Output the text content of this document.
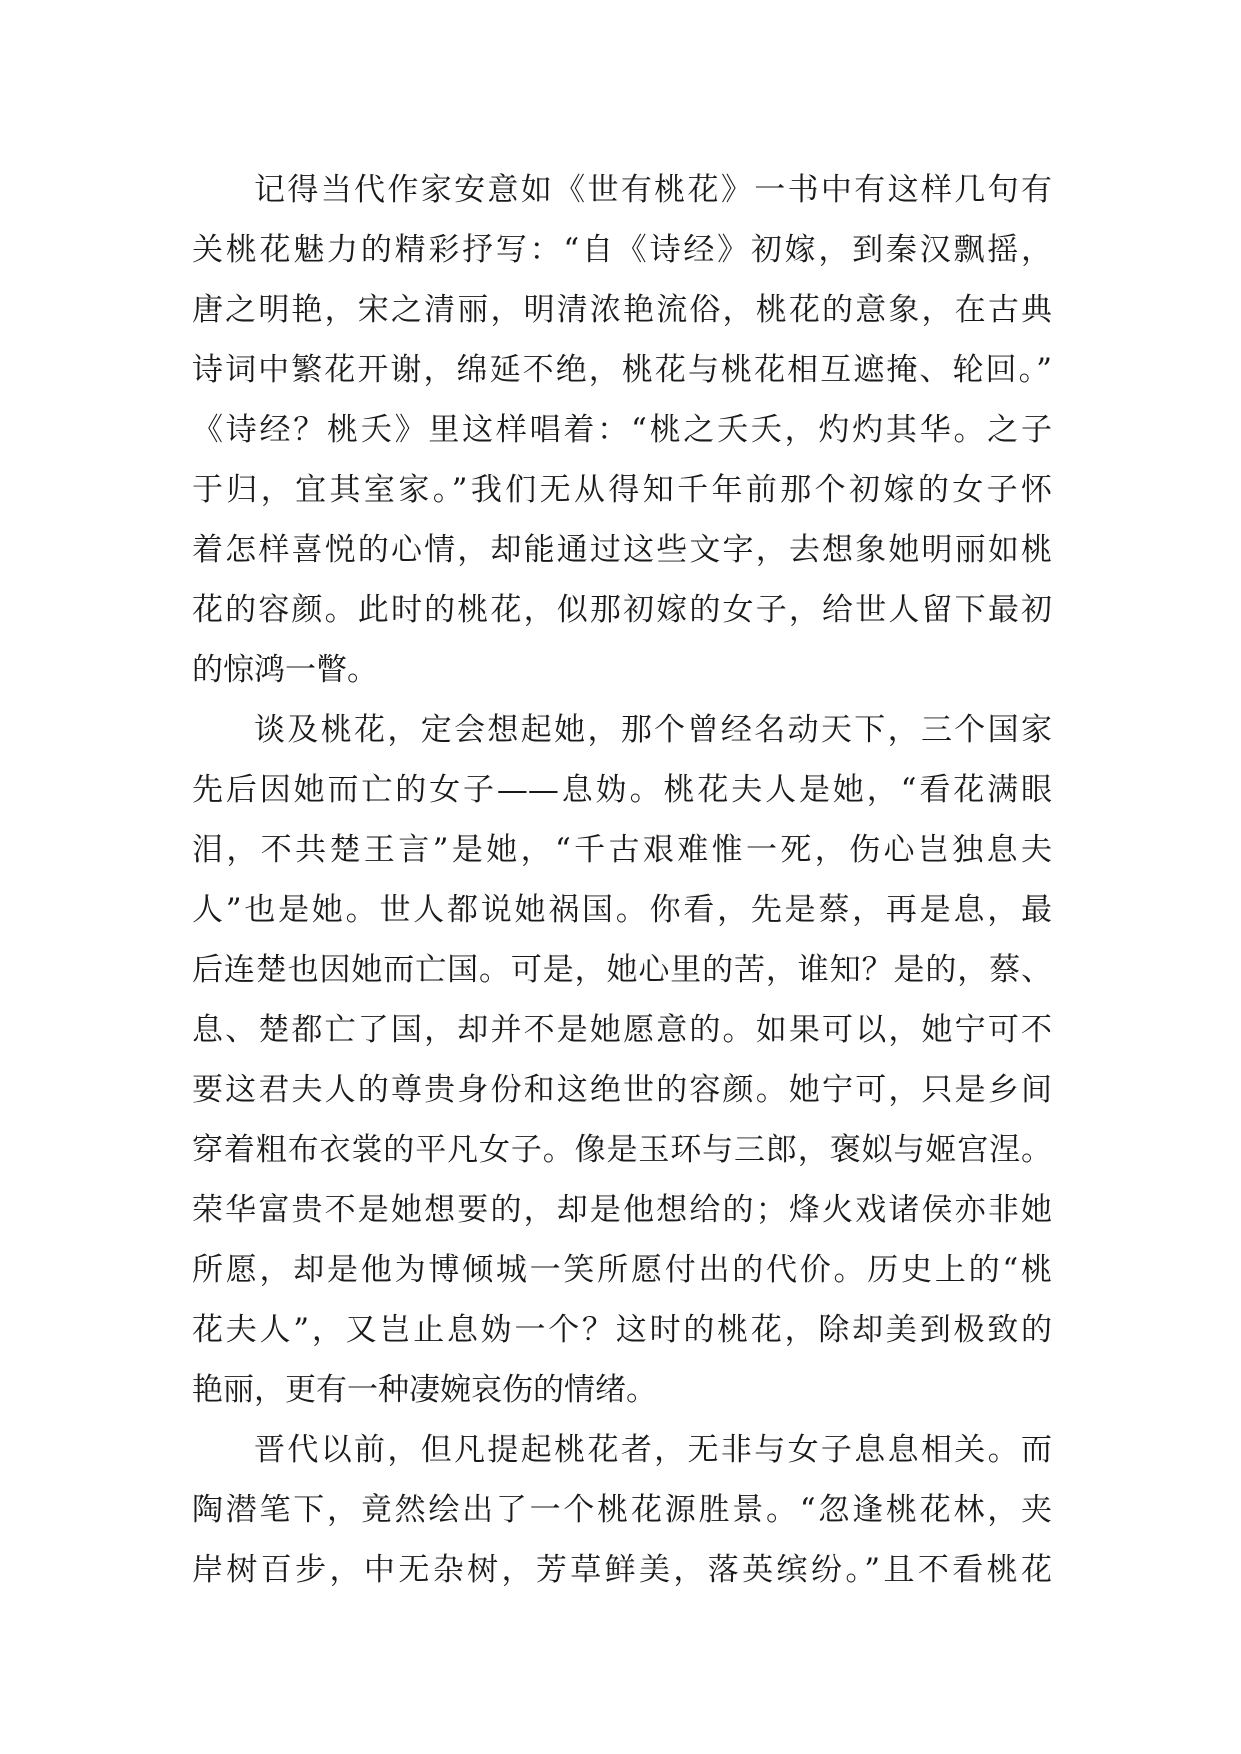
记得当代作家安意如《世有桃花》一书中有这样几句有
关桃花魅力的精彩抒写：“自《诗经》初嫁，到秦汉飘摇，
唐之明艳，宋之清丽，明清浓艳流俗，桃花的意象，在古典
诗词中繁花开谢，绵延不绝，桃花与桃花相互遮掩、轮回。”
《诗经？桃夭》里这样唱着：“桃之夭夭，灼灼其华。之子
于归，宜其室家。”我们无从得知千年前那个初嫁的女子怀
着怎样喜悦的心情，却能通过这些文字，去想象她明丽如桃
花的容颜。此时的桃花，似那初嫁的女子，给世人留下最初
的惊鸿一瞥。
谈及桃花，定会想起她，那个曾经名动天下，三个国家
先后因她而亡的女子——息妫。桃花夫人是她，“看花满眼
泪，不共楚王言”是她，“千古艰难惟一死，伤心岂独息夫
人”也是她。世人都说她祸国。你看，先是蔡，再是息，最
后连楚也因她而亡国。可是，她心里的苦，谁知？是的，蔡、
息、楚都亡了国，却并不是她愿意的。如果可以，她宁可不
要这君夫人的尊贵身份和这绝世的容颜。她宁可，只是乡间
穿着粗布衣裳的平凡女子。像是玉环与三郎，褒姒与姬宫涅。
荣华富贵不是她想要的，却是他想给的；烽火戏诸侯亦非她
所愿，却是他为博倾城一笑所愿付出的代价。历史上的“桃
花夫人”，又岂止息妫一个？这时的桃花，除却美到极致的
艳丽，更有一种凄婉哀伤的情绪。
晋代以前，但凡提起桃花者，无非与女子息息相关。而
陶潜笔下，竟然绘出了一个桃花源胜景。“忽逢桃花林，夹
岸树百步，中无杂树，芳草鲜美，落英缤纷。”且不看桃花
